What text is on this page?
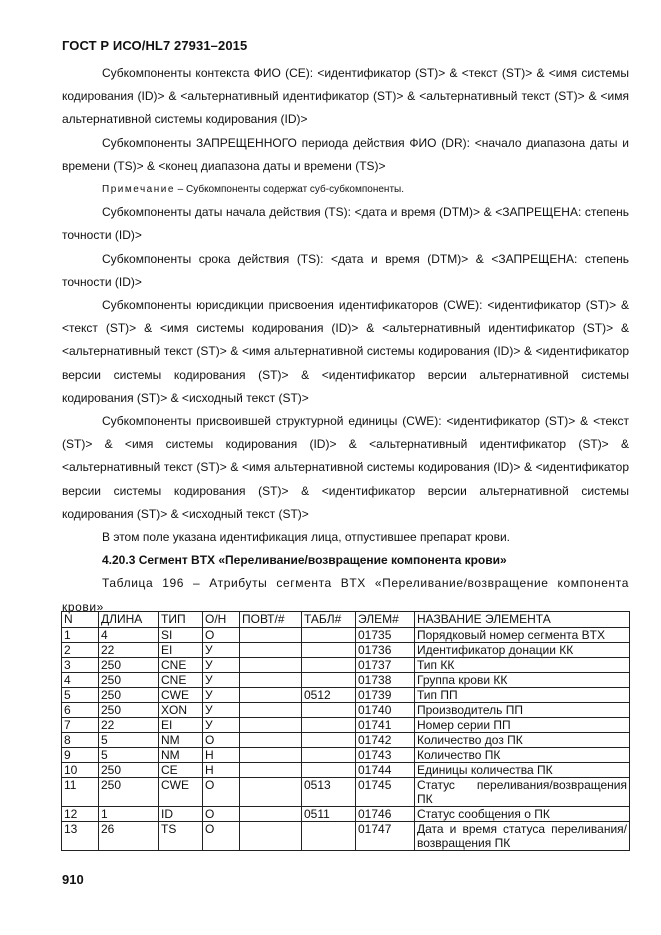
ГОСТ Р ИСО/HL7 27931–2015

Субкомпоненты контекста ФИО (CE): <идентификатор (ST)> & <текст (ST)> & <имя системы кодирования (ID)> & <альтернативный идентификатор (ST)> & <альтернативный текст (ST)> & <имя альтернативной системы кодирования (ID)>

Субкомпоненты ЗАПРЕЩЕННОГО периода действия ФИО (DR): <начало диапазона даты и времени (TS)> & <конец диапазона даты и времени (TS)>

Примечание – Субкомпоненты содержат суб-субкомпоненты.

Субкомпоненты даты начала действия (TS): <дата и время (DTM)> & <ЗАПРЕЩЕНА: степень точности (ID)>

Субкомпоненты срока действия (TS): <дата и время (DTM)> & <ЗАПРЕЩЕНА: степень точности (ID)>

Субкомпоненты юрисдикции присвоения идентификаторов (CWE): <идентификатор (ST)> & <текст (ST)> & <имя системы кодирования (ID)> & <альтернативный идентификатор (ST)> & <альтернативный текст (ST)> & <имя альтернативной системы кодирования (ID)> & <идентификатор версии системы кодирования (ST)> & <идентификатор версии альтернативной системы кодирования (ST)> & <исходный текст (ST)>

Субкомпоненты присвоившей структурной единицы (CWE): <идентификатор (ST)> & <текст (ST)> & <имя системы кодирования (ID)> & <альтернативный идентификатор (ST)> & <альтернативный текст (ST)> & <имя альтернативной системы кодирования (ID)> & <идентификатор версии системы кодирования (ST)> & <идентификатор версии альтернативной системы кодирования (ST)> & <исходный текст (ST)>

В этом поле указана идентификация лица, отпустившее препарат крови.

4.20.3 Сегмент BTX «Переливание/возвращение компонента крови»

Таблица 196 – Атрибуты сегмента BTX «Переливание/возвращение компонента крови»

N	ДЛИНА	ТИП	О/Н	ПОВТ/#	ТАБЛ#	ЭЛЕМ#	НАЗВАНИЕ ЭЛЕМЕНТА
1	4	SI	О			01735	Порядковый номер сегмента BTX
2	22	EI	У			01736	Идентификатор донации КК
3	250	CNE	У			01737	Тип КК
4	250	CNE	У			01738	Группа крови КК
5	250	CWE	У		0512	01739	Тип ПП
6	250	XON	У			01740	Производитель ПП
7	22	EI	У			01741	Номер серии ПП
8	5	NM	О			01742	Количество доз ПК
9	5	NM	Н			01743	Количество ПК
10	250	CE	Н			01744	Единицы количества ПК
11	250	CWE	О		0513	01745	Статус переливания/возвращения ПК
12	1	ID	О		0511	01746	Статус сообщения о ПК
13	26	TS	О			01747	Дата и время статуса переливания/возвращения ПК
910
